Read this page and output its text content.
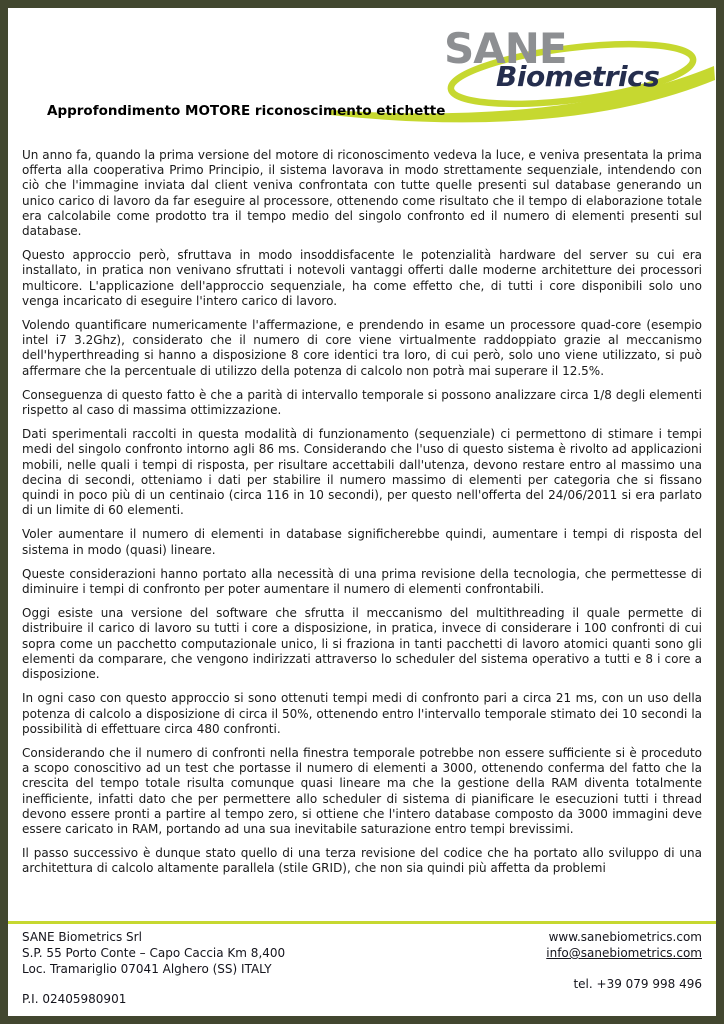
SANE
Biometrics
Approfondimento MOTORE riconoscimento etichette

Un anno fa, quando la prima versione del motore di riconoscimento vedeva la luce, e veniva presentata la prima offerta alla cooperativa Primo Principio, il sistema lavorava in modo strettamente sequenziale, intendendo con ciò che l'immagine inviata dal client veniva confrontata con tutte quelle presenti sul database generando un unico carico di lavoro da far eseguire al processore, ottenendo come risultato che il tempo di elaborazione totale era calcolabile come prodotto tra il tempo medio del singolo confronto ed il numero di elementi presenti sul database.

Questo approccio però, sfruttava in modo insoddisfacente le potenzialità hardware del server su cui era installato, in pratica non venivano sfruttati i notevoli vantaggi offerti dalle moderne architetture dei processori multicore. L'applicazione dell'approccio sequenziale, ha come effetto che, di tutti i core disponibili solo uno venga incaricato di eseguire l'intero carico di lavoro.

Volendo quantificare numericamente l'affermazione, e prendendo in esame un processore quad-core (esempio intel i7 3.2Ghz), considerato che il numero di core viene virtualmente raddoppiato grazie al meccanismo dell'hyperthreading si hanno a disposizione 8 core identici tra loro, di cui però, solo uno viene utilizzato, si può affermare che la percentuale di utilizzo della potenza di calcolo non potrà mai superare il 12.5%.

Conseguenza di questo fatto è che a parità di intervallo temporale si possono analizzare circa 1/8 degli elementi rispetto al caso di massima ottimizzazione.

Dati sperimentali raccolti in questa modalità di funzionamento (sequenziale) ci permettono di stimare i tempi medi del singolo confronto intorno agli 86 ms. Considerando che l'uso di questo sistema è rivolto ad applicazioni mobili, nelle quali i tempi di risposta, per risultare accettabili dall'utenza, devono restare entro al massimo una decina di secondi, otteniamo i dati per stabilire il numero massimo di elementi per categoria che si fissano quindi in poco più di un centinaio (circa 116 in 10 secondi), per questo nell'offerta del 24/06/2011 si era parlato di un limite di 60 elementi.

Voler aumentare il numero di elementi in database significherebbe quindi, aumentare i tempi di risposta del sistema in modo (quasi) lineare.

Queste considerazioni hanno portato alla necessità di una prima revisione della tecnologia, che permettesse di diminuire i tempi di confronto per poter aumentare il numero di elementi confrontabili.

Oggi esiste una versione del software che sfrutta il meccanismo del multithreading il quale permette di distribuire il carico di lavoro su tutti i core a disposizione, in pratica, invece di considerare i 100 confronti di cui sopra come un pacchetto computazionale unico, li si fraziona in tanti pacchetti di lavoro atomici quanti sono gli elementi da comparare, che vengono indirizzati attraverso lo scheduler del sistema operativo a tutti e 8 i core a disposizione.

In ogni caso con questo approccio si sono ottenuti tempi medi di confronto pari a circa 21 ms, con un uso della potenza di calcolo a disposizione di circa il 50%, ottenendo entro l'intervallo temporale stimato dei 10 secondi la possibilità di effettuare circa 480 confronti.

Considerando che il numero di confronti nella finestra temporale potrebbe non essere sufficiente si è proceduto a scopo conoscitivo ad un test che portasse il numero di elementi a 3000, ottenendo conferma del fatto che la crescita del tempo totale risulta comunque quasi lineare ma che la gestione della RAM diventa totalmente inefficiente, infatti dato che per permettere allo scheduler di sistema di pianificare le esecuzioni tutti i thread devono essere pronti a partire al tempo zero, si ottiene che l'intero database composto da 3000 immagini deve essere caricato in RAM, portando ad una sua inevitabile saturazione entro tempi brevissimi.

Il passo successivo è dunque stato quello di una terza revisione del codice che ha portato allo sviluppo di una architettura di calcolo altamente parallela (stile GRID), che non sia quindi più affetta da problemi

SANE Biometrics Srl
S.P. 55 Porto Conte – Capo Caccia Km 8,400
Loc. Tramariglio 07041 Alghero (SS) ITALY
P.I. 02405980901
www.sanebiometrics.com
info@sanebiometrics.com
tel. +39 079 998 496
